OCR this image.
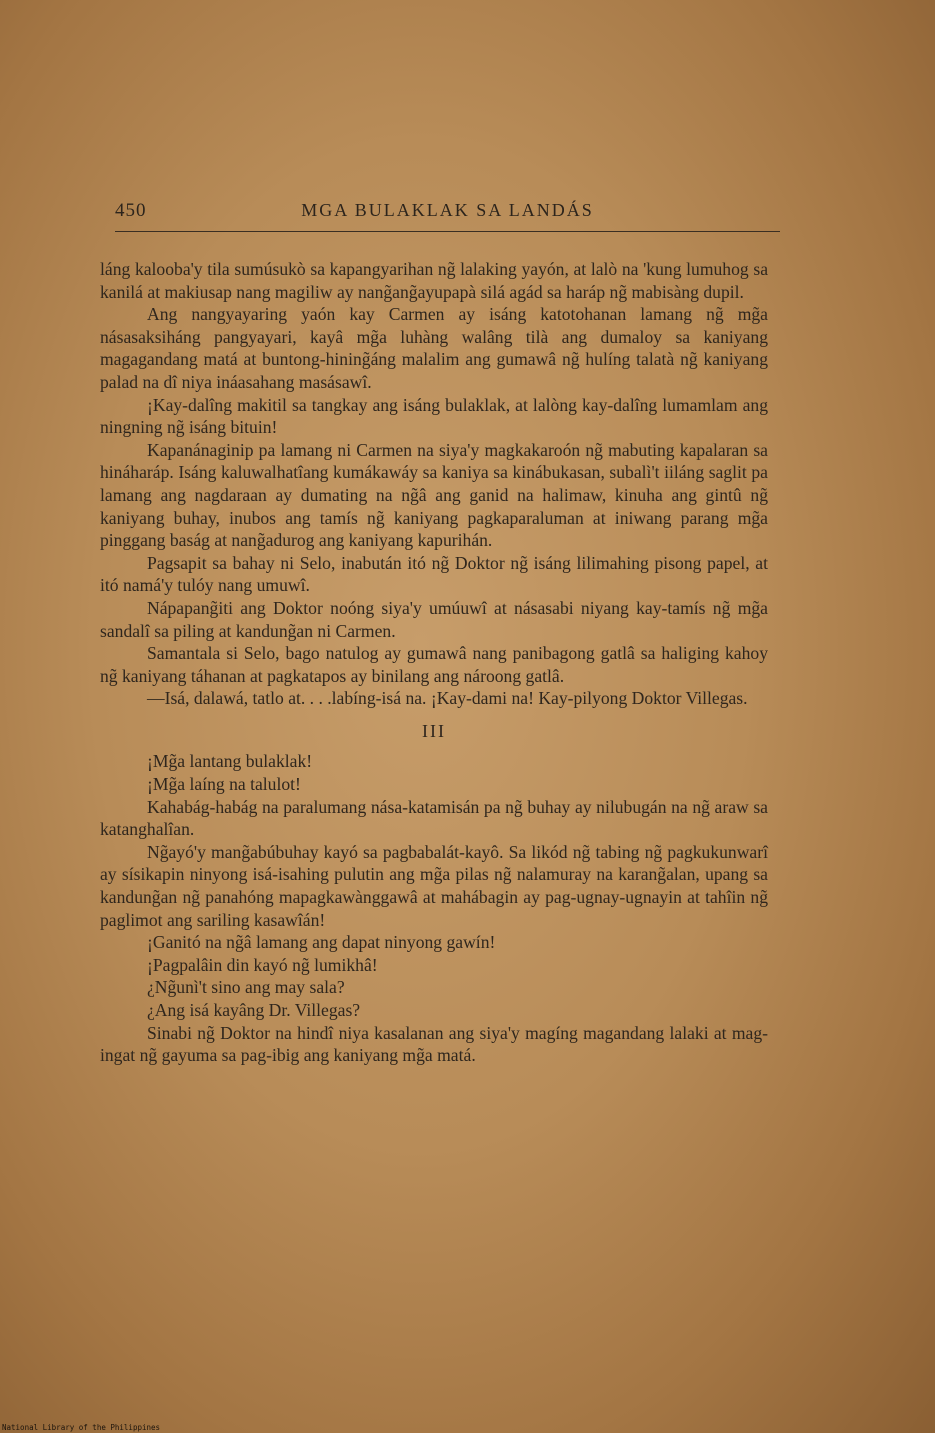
450	MGA BULAKLAK SA LANDÁS

láng kalooba'y tila sumúsukò sa kapangyarihan ng̃ lalaking yayón, at lalò na 'kung lumuhog sa kanilá at makiusap nang magiliw ay nang̃ang̃ayupapà silá agád sa haráp ng̃ mabisàng dupil.

Ang nangyayaring yaón kay Carmen ay isáng katotohanan lamang ng̃ mg̃a násasaksiháng pangyayari, kayâ mg̃a luhàng walâng tilà ang dumaloy sa kaniyang magagandang matá at buntong-hining̃áng malalim ang gumawâ ng̃ hulíng talatà ng̃ kaniyang palad na dî niya ináasahang masásawî.

¡Kay-dalîng makitil sa tangkay ang isáng bulaklak, at lalòng kay-dalîng lumamlam ang ningning ng̃ isáng bituin!

Kapanánaginip pa lamang ni Carmen na siya'y magkakaroón ng̃ mabuting kapalaran sa hináharáp. Isáng kaluwalhatîang kumákawáy sa kaniya sa kinábukasan, subalì't iiláng saglit pa lamang ang nagdaraan ay dumating na ng̃â ang ganid na halimaw, kinuha ang gintû ng̃ kaniyang buhay, inubos ang tamís ng̃ kaniyang pagkaparaluman at iniwang parang mg̃a pinggang baság at nang̃adurog ang kaniyang kapurihán.

Pagsapit sa bahay ni Selo, inabután itó ng̃ Doktor ng̃ isáng lilimahing pisong papel, at itó namá'y tulóy nang umuwî.

Nápapang̃iti ang Doktor noóng siya'y umúuwî at násasabi niyang kay-tamís ng̃ mg̃a sandalî sa piling at kandung̃an ni Carmen.

Samantala si Selo, bago natulog ay gumawâ nang panibagong gatlâ sa haliging kahoy ng̃ kaniyang táhanan at pagkatapos ay binilang ang nároong gatlâ.

—Isá, dalawá, tatlo at. . . .labíng-isá na. ¡Kay-dami na! Kay-pilyong Doktor Villegas.

III

¡Mg̃a lantang bulaklak!

¡Mg̃a laíng na talulot!

Kahabág-habág na paralumang nása-katamisán pa ng̃ buhay ay nilubugán na ng̃ araw sa katanghalîan.

Ng̃ayó'y mang̃abúbuhay kayó sa pagbabalát-kayô. Sa likód ng̃ tabing ng̃ pagkukunwarî ay sísikapin ninyong isá-isahing pulutin ang mg̃a pilas ng̃ nalamuray na karang̃alan, upang sa kandung̃an ng̃ panahóng mapagkawànggawâ at mahábagin ay pag-ugnay-ugnayin at tahîin ng̃ paglimot ang sariling kasawîán!

¡Ganitó na ng̃â lamang ang dapat ninyong gawín!

¡Pagpalâin din kayó ng̃ lumikhâ!

¿Ng̃unì't sino ang may sala?

¿Ang isá kayâng Dr. Villegas?

Sinabi ng̃ Doktor na hindî niya kasalanan ang siya'y magíng magandang lalaki at mag-ingat ng̃ gayuma sa pag-ibig ang kaniyang mg̃a matá.

National Library of the Philippines
